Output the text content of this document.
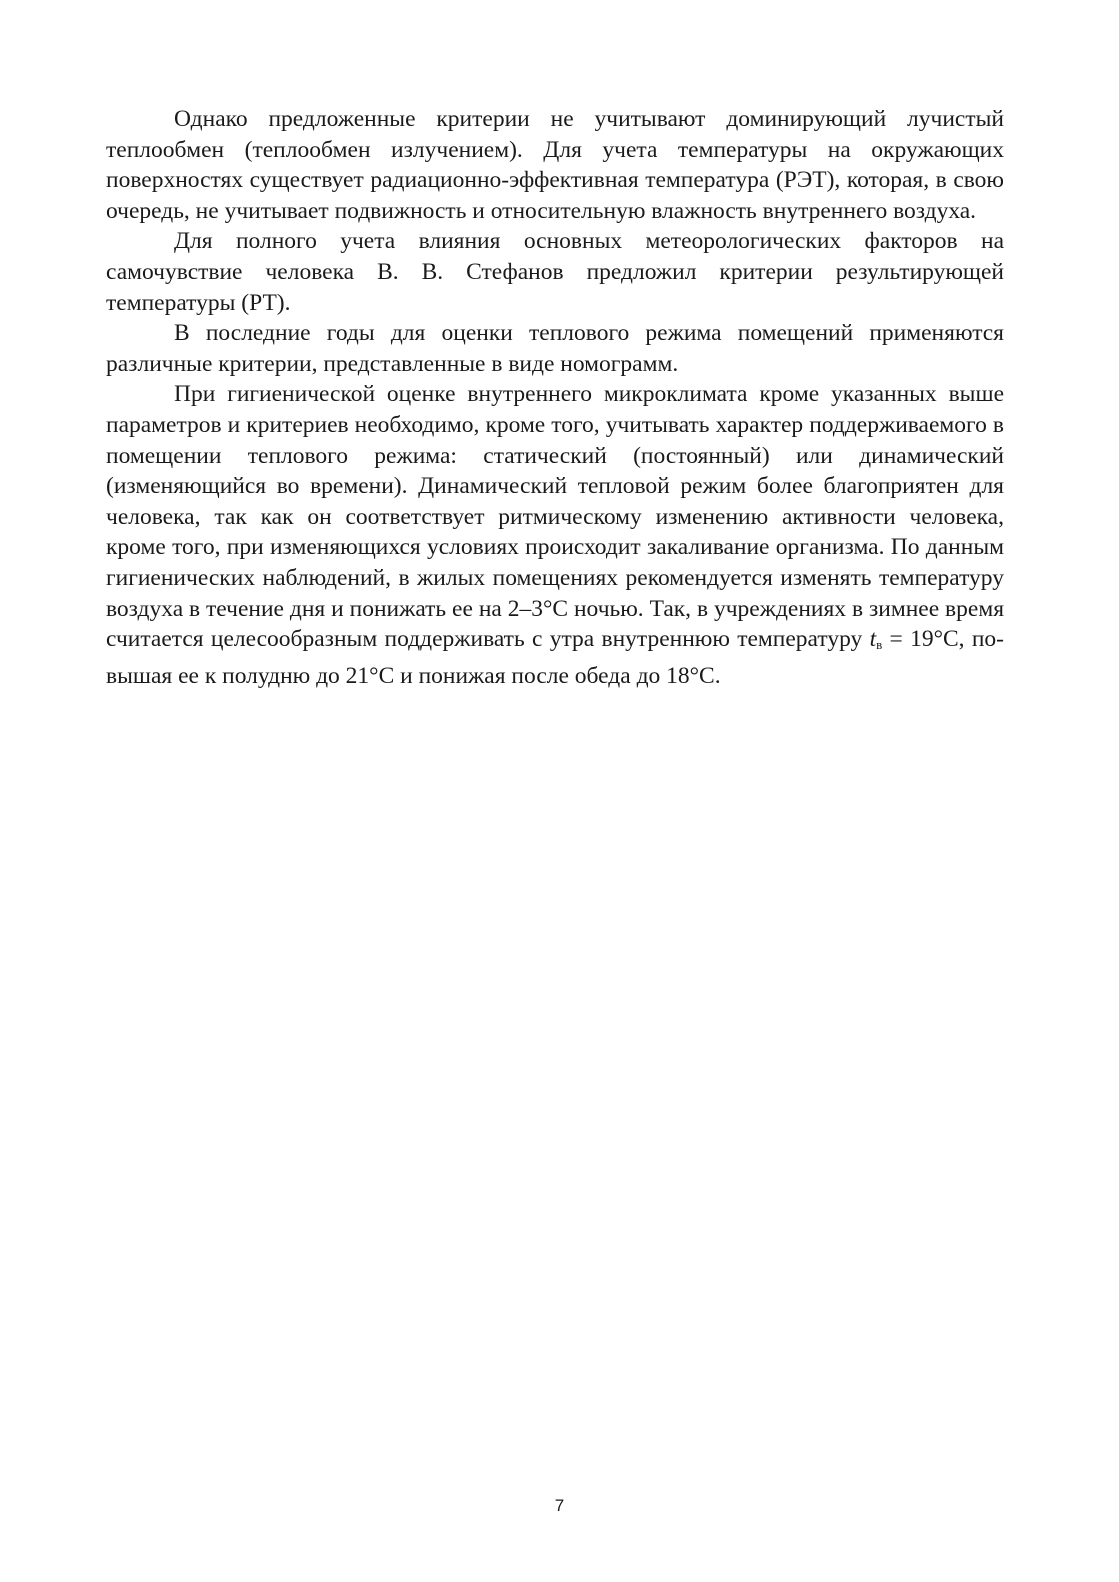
Однако предложенные критерии не учитывают доминирующий лучистый теплообмен (теплообмен излучением). Для учета температуры на окружающих поверхностях существует радиационно-эффективная температура (РЭТ), которая, в свою очередь, не учитывает подвижность и относительную влажность внутреннего воздуха.

Для полного учета влияния основных метеорологических факторов на самочувствие человека В. В. Стефанов предложил критерии результирующей температуры (РТ).

В последние годы для оценки теплового режима помещений применяются различные критерии, представленные в виде номограмм.

При гигиенической оценке внутреннего микроклимата кроме указанных выше параметров и критериев необходимо, кроме того, учитывать характер поддерживаемого в помещении теплового режима: статический (постоянный) или динамический (изменяющийся во времени). Динамический тепловой режим более благоприятен для человека, так как он соответствует ритмическому изменению активности человека, кроме того, при изменяющихся условиях происходит закаливание организма. По данным гигиенических наблюдений, в жилых помещениях рекомендуется изменять температуру воздуха в течение дня и понижать ее на 2–3°С ночью. Так, в учреждениях в зимнее время считается целесообразным поддерживать с утра внутреннюю температуру $t_в = 19^\circ С$, повышая ее к полудню до 21°С и понижая после обеда до 18°С.

7
